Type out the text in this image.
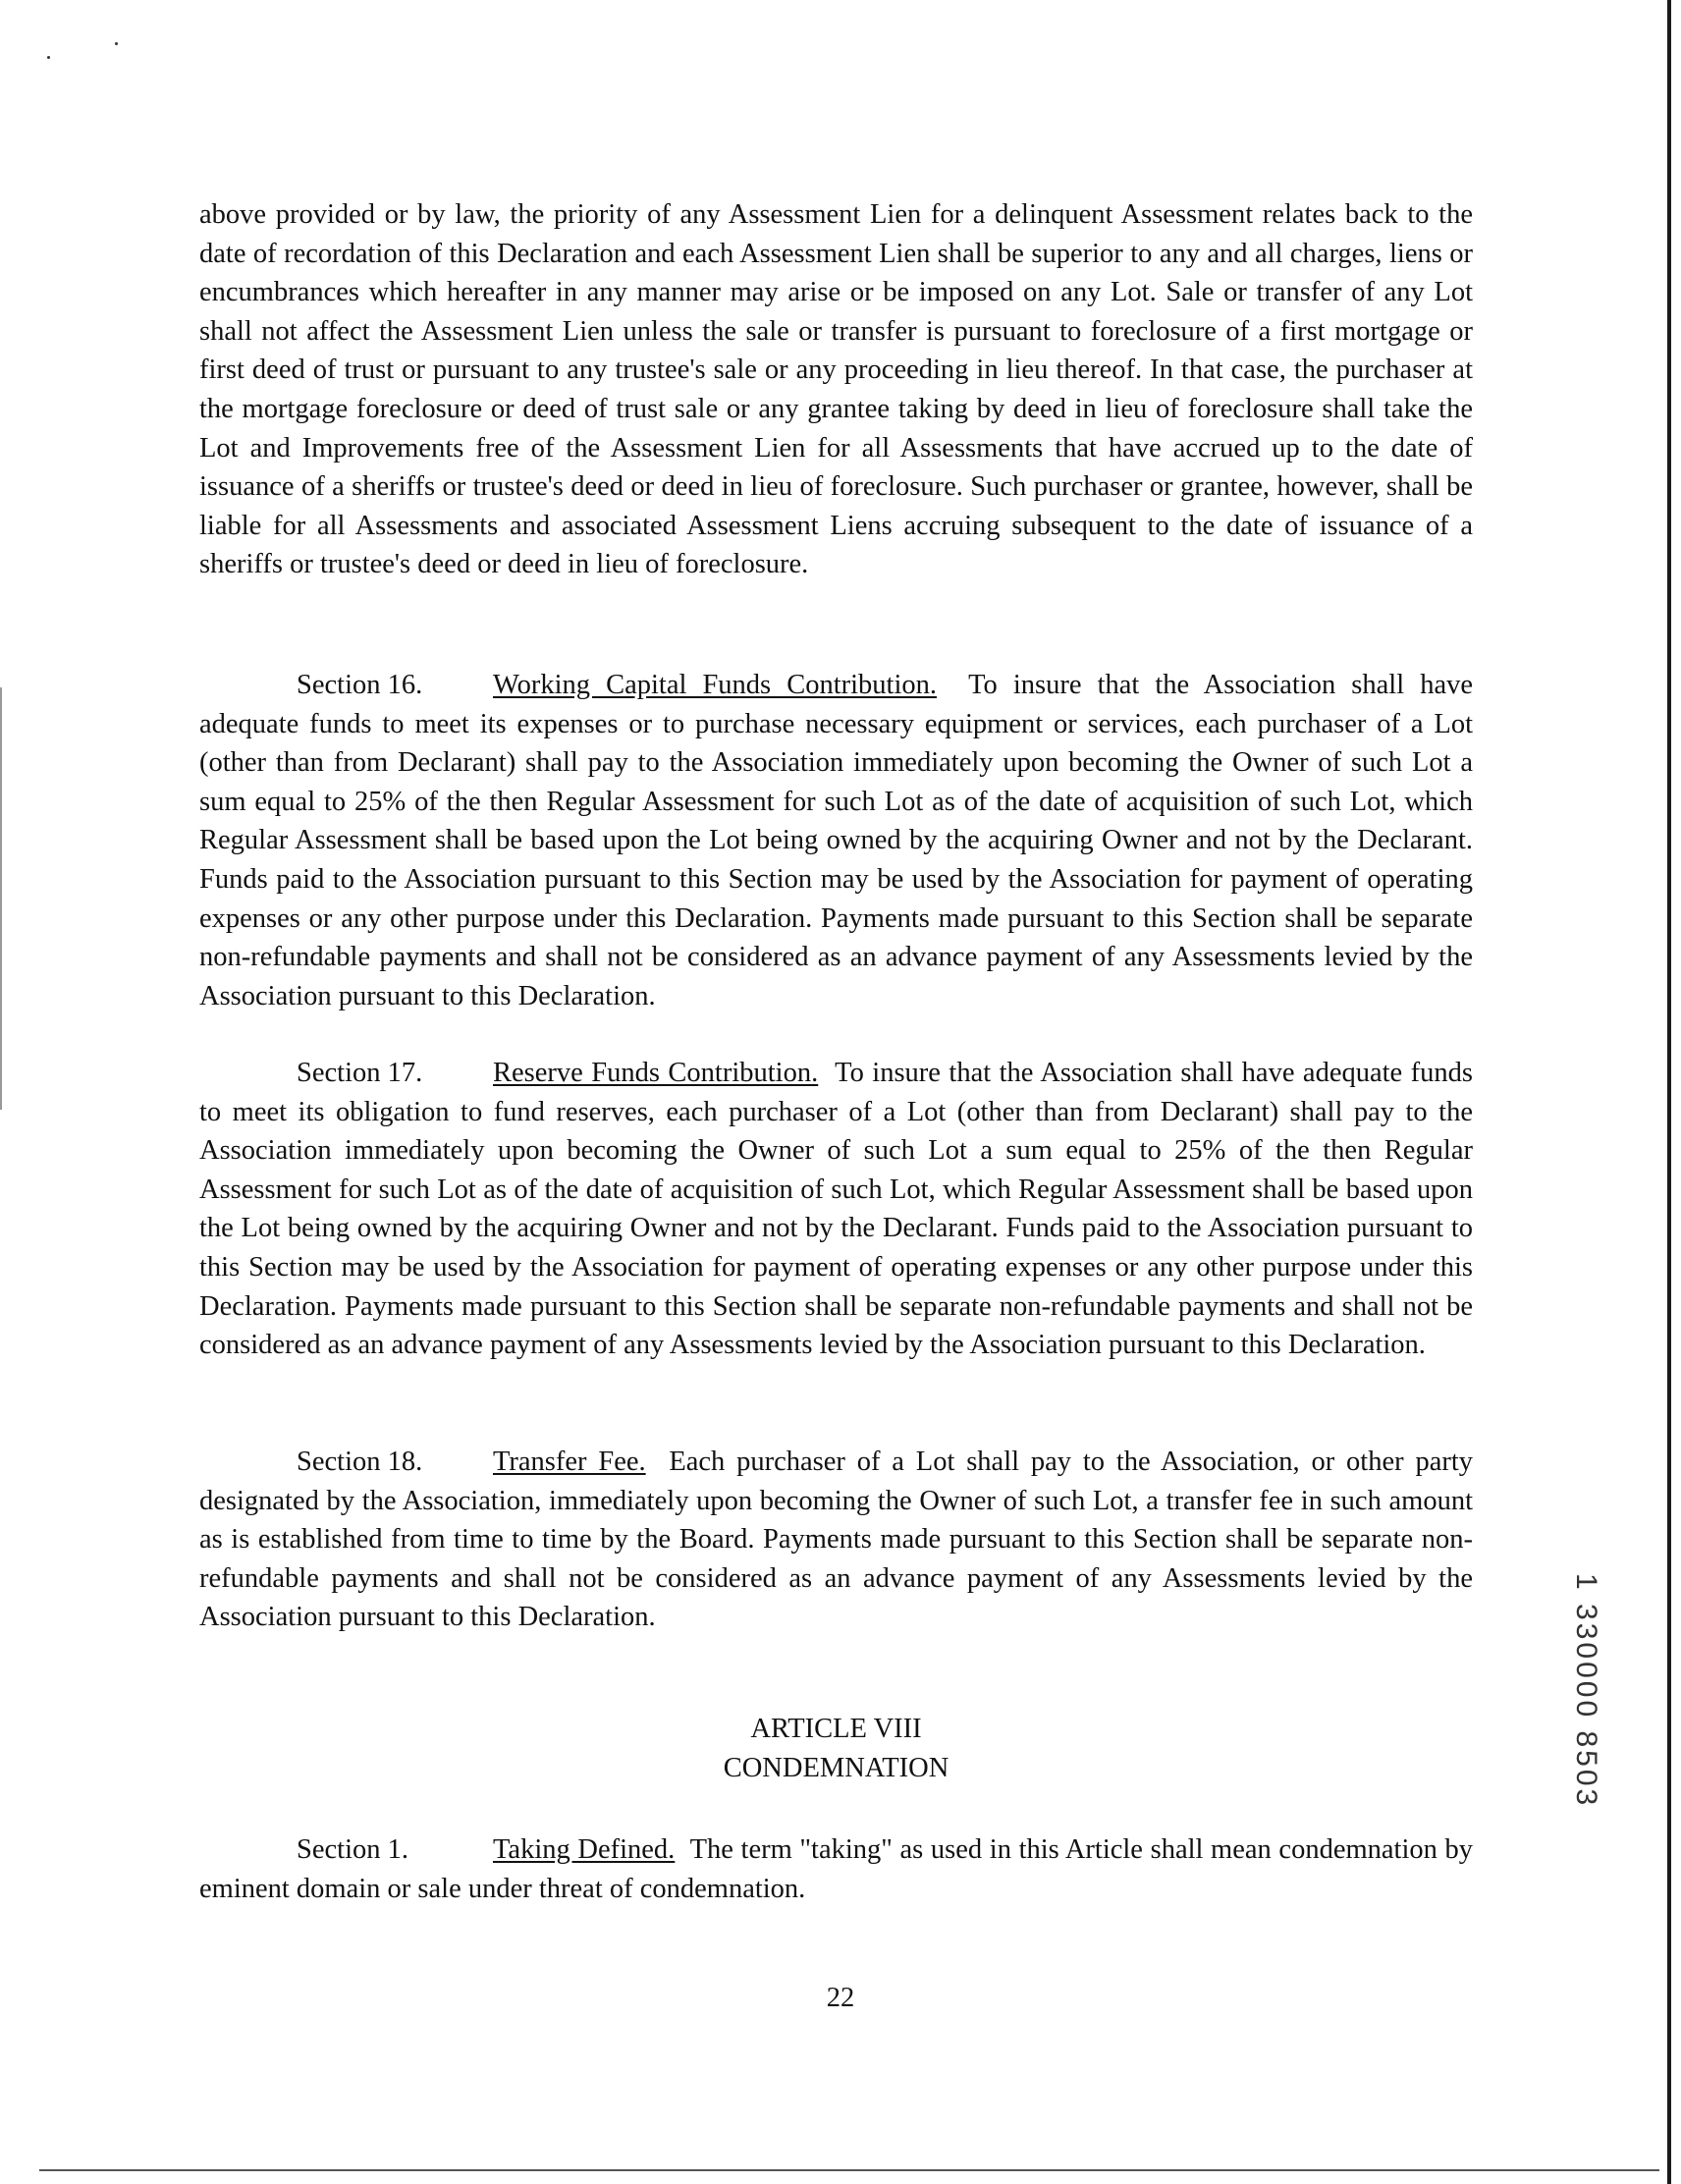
above provided or by law, the priority of any Assessment Lien for a delinquent Assessment relates back to the date of recordation of this Declaration and each Assessment Lien shall be superior to any and all charges, liens or encumbrances which hereafter in any manner may arise or be imposed on any Lot. Sale or transfer of any Lot shall not affect the Assessment Lien unless the sale or transfer is pursuant to foreclosure of a first mortgage or first deed of trust or pursuant to any trustee's sale or any proceeding in lieu thereof. In that case, the purchaser at the mortgage foreclosure or deed of trust sale or any grantee taking by deed in lieu of foreclosure shall take the Lot and Improvements free of the Assessment Lien for all Assessments that have accrued up to the date of issuance of a sheriffs or trustee's deed or deed in lieu of foreclosure. Such purchaser or grantee, however, shall be liable for all Assessments and associated Assessment Liens accruing subsequent to the date of issuance of a sheriffs or trustee's deed or deed in lieu of foreclosure.

Section 16.	Working Capital Funds Contribution. To insure that the Association shall have adequate funds to meet its expenses or to purchase necessary equipment or services, each purchaser of a Lot (other than from Declarant) shall pay to the Association immediately upon becoming the Owner of such Lot a sum equal to 25% of the then Regular Assessment for such Lot as of the date of acquisition of such Lot, which Regular Assessment shall be based upon the Lot being owned by the acquiring Owner and not by the Declarant. Funds paid to the Association pursuant to this Section may be used by the Association for payment of operating expenses or any other purpose under this Declaration. Payments made pursuant to this Section shall be separate non-refundable payments and shall not be considered as an advance payment of any Assessments levied by the Association pursuant to this Declaration.

Section 17.	Reserve Funds Contribution. To insure that the Association shall have adequate funds to meet its obligation to fund reserves, each purchaser of a Lot (other than from Declarant) shall pay to the Association immediately upon becoming the Owner of such Lot a sum equal to 25% of the then Regular Assessment for such Lot as of the date of acquisition of such Lot, which Regular Assessment shall be based upon the Lot being owned by the acquiring Owner and not by the Declarant. Funds paid to the Association pursuant to this Section may be used by the Association for payment of operating expenses or any other purpose under this Declaration. Payments made pursuant to this Section shall be separate non-refundable payments and shall not be considered as an advance payment of any Assessments levied by the Association pursuant to this Declaration.

Section 18.	Transfer Fee. Each purchaser of a Lot shall pay to the Association, or other party designated by the Association, immediately upon becoming the Owner of such Lot, a transfer fee in such amount as is established from time to time by the Board. Payments made pursuant to this Section shall be separate non-refundable payments and shall not be considered as an advance payment of any Assessments levied by the Association pursuant to this Declaration.

ARTICLE VIII
CONDEMNATION

Section 1.	Taking Defined. The term "taking" as used in this Article shall mean condemnation by eminent domain or sale under threat of condemnation.

22
1 330000 8503
